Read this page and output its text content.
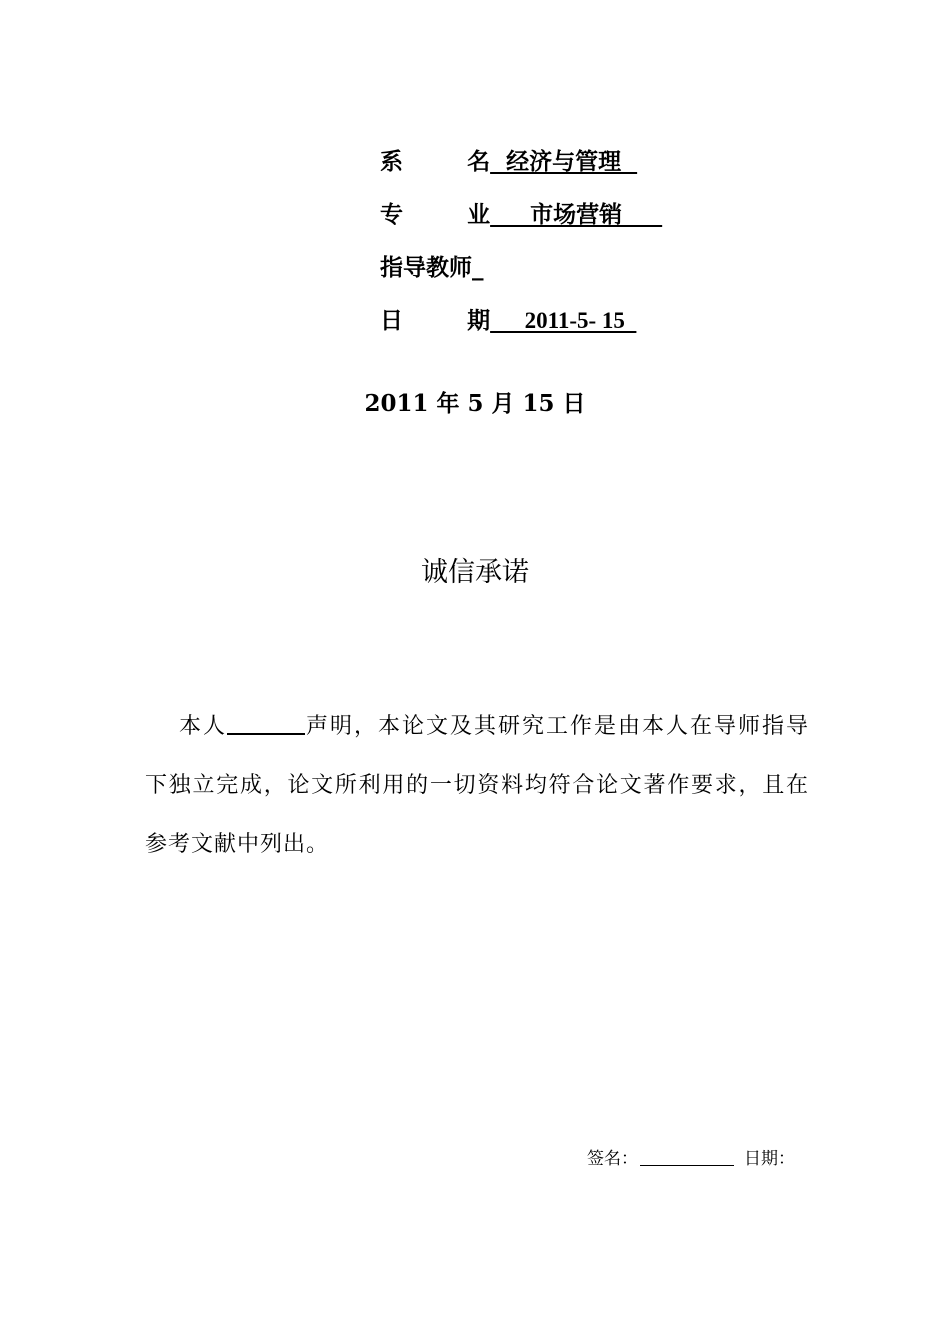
系        名  经济与管理

专        业     市场营销

指导教师_

日        期      2011-5- 15

2011 年 5 月 15 日
诚信承诺

本人	声明，本论文及其研究工作是由本人在导师指导下独立完成，论文所利用的一切资料均符合论文著作要求，且在参考文献中列出。

签名：	日期：
